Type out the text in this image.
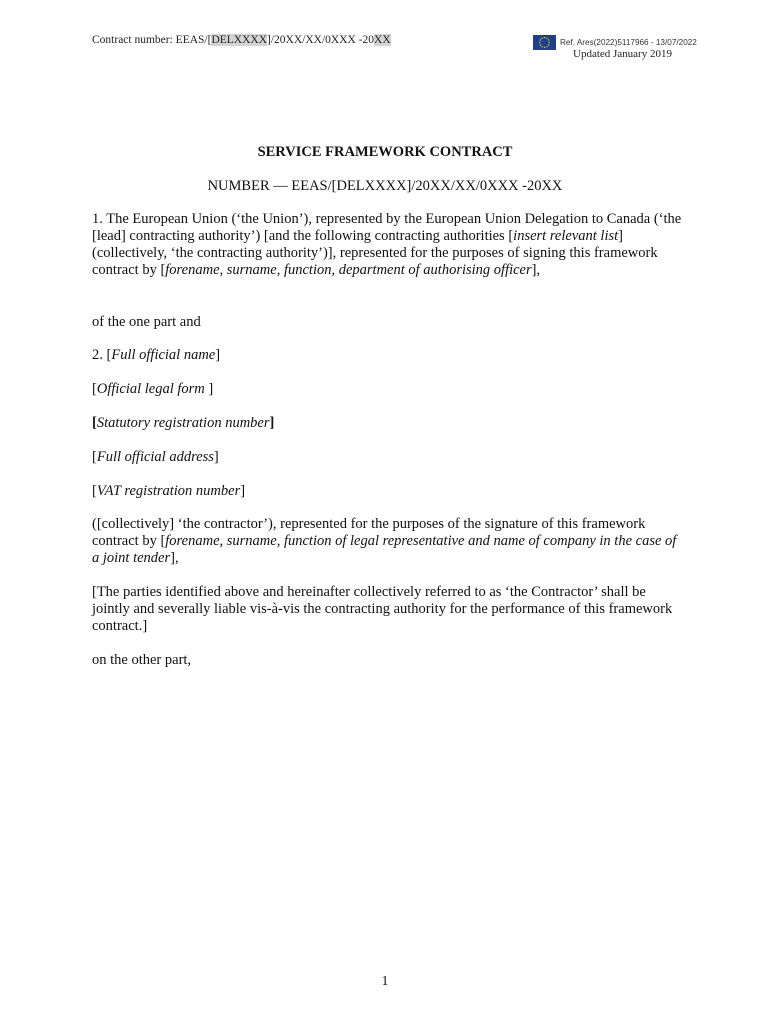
Contract number: EEAS/[DELXXXX]/20XX/XX/0XXX -20XX	Ref. Ares(2022)5117966 - 13/07/2022
Updated January 2019
SERVICE FRAMEWORK CONTRACT
NUMBER — EEAS/[DELXXXX]/20XX/XX/0XXX -20XX
1. The European Union (‘the Union’), represented by the European Union Delegation to Canada (‘the [lead] contracting authority’) [and the following contracting authorities [insert relevant list] (collectively, ‘the contracting authority’)], represented for the purposes of signing this framework contract by [forename, surname, function, department of authorising officer],
of the one part and
2. [Full official name]
[Official legal form ]
[Statutory registration number]
[Full official address]
[VAT registration number]
([collectively] ‘the contractor’), represented for the purposes of the signature of this framework contract by [forename, surname, function of legal representative and name of company in the case of a joint tender],
[The parties identified above and hereinafter collectively referred to as ‘the Contractor’ shall be jointly and severally liable vis-à-vis the contracting authority for the performance of this framework contract.]
on the other part,
1
